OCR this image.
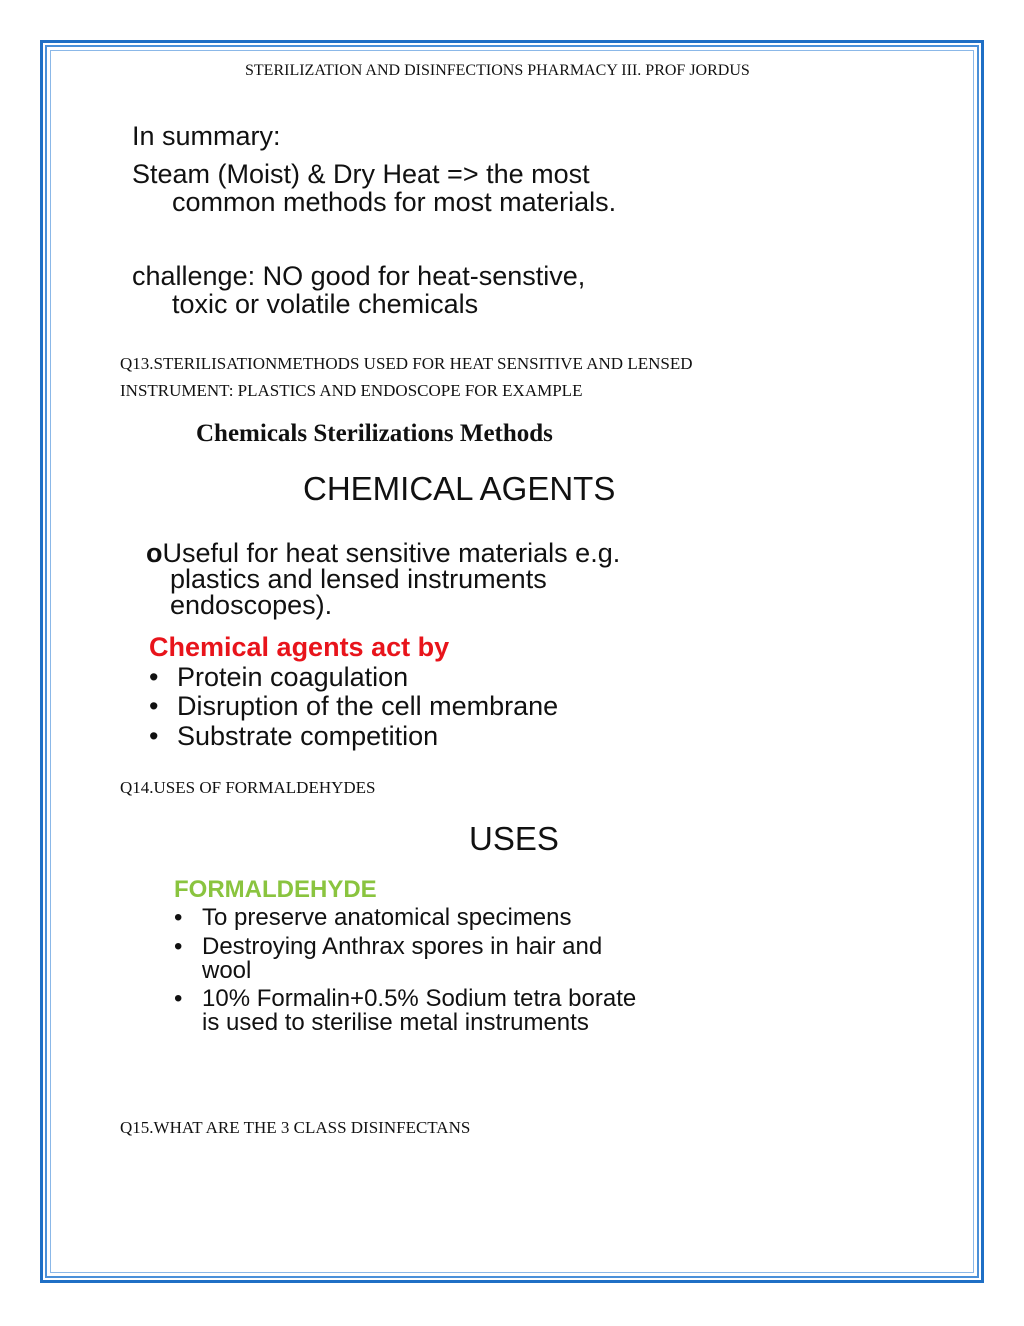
STERILIZATION AND DISINFECTIONS PHARMACY III. PROF JORDUS
In summary:
Steam (Moist) & Dry Heat => the most
common methods for most materials.
challenge: NO good for heat-senstive,
toxic or volatile chemicals
Q13.STERILISATIONMETHODS USED FOR HEAT SENSITIVE AND LENSED
INSTRUMENT: PLASTICS AND ENDOSCOPE FOR EXAMPLE
Chemicals Sterilizations Methods
CHEMICAL AGENTS
oUseful for heat sensitive materials e.g.
plastics and lensed instruments
endoscopes).
Chemical agents act by
• Protein coagulation
• Disruption of the cell membrane
• Substrate competition
Q14.USES OF FORMALDEHYDES
USES
FORMALDEHYDE
• To preserve anatomical specimens
• Destroying Anthrax spores in hair and
wool
• 10% Formalin+0.5% Sodium tetra borate
is used to sterilise metal instruments
Q15.WHAT ARE THE 3 CLASS DISINFECTANS
